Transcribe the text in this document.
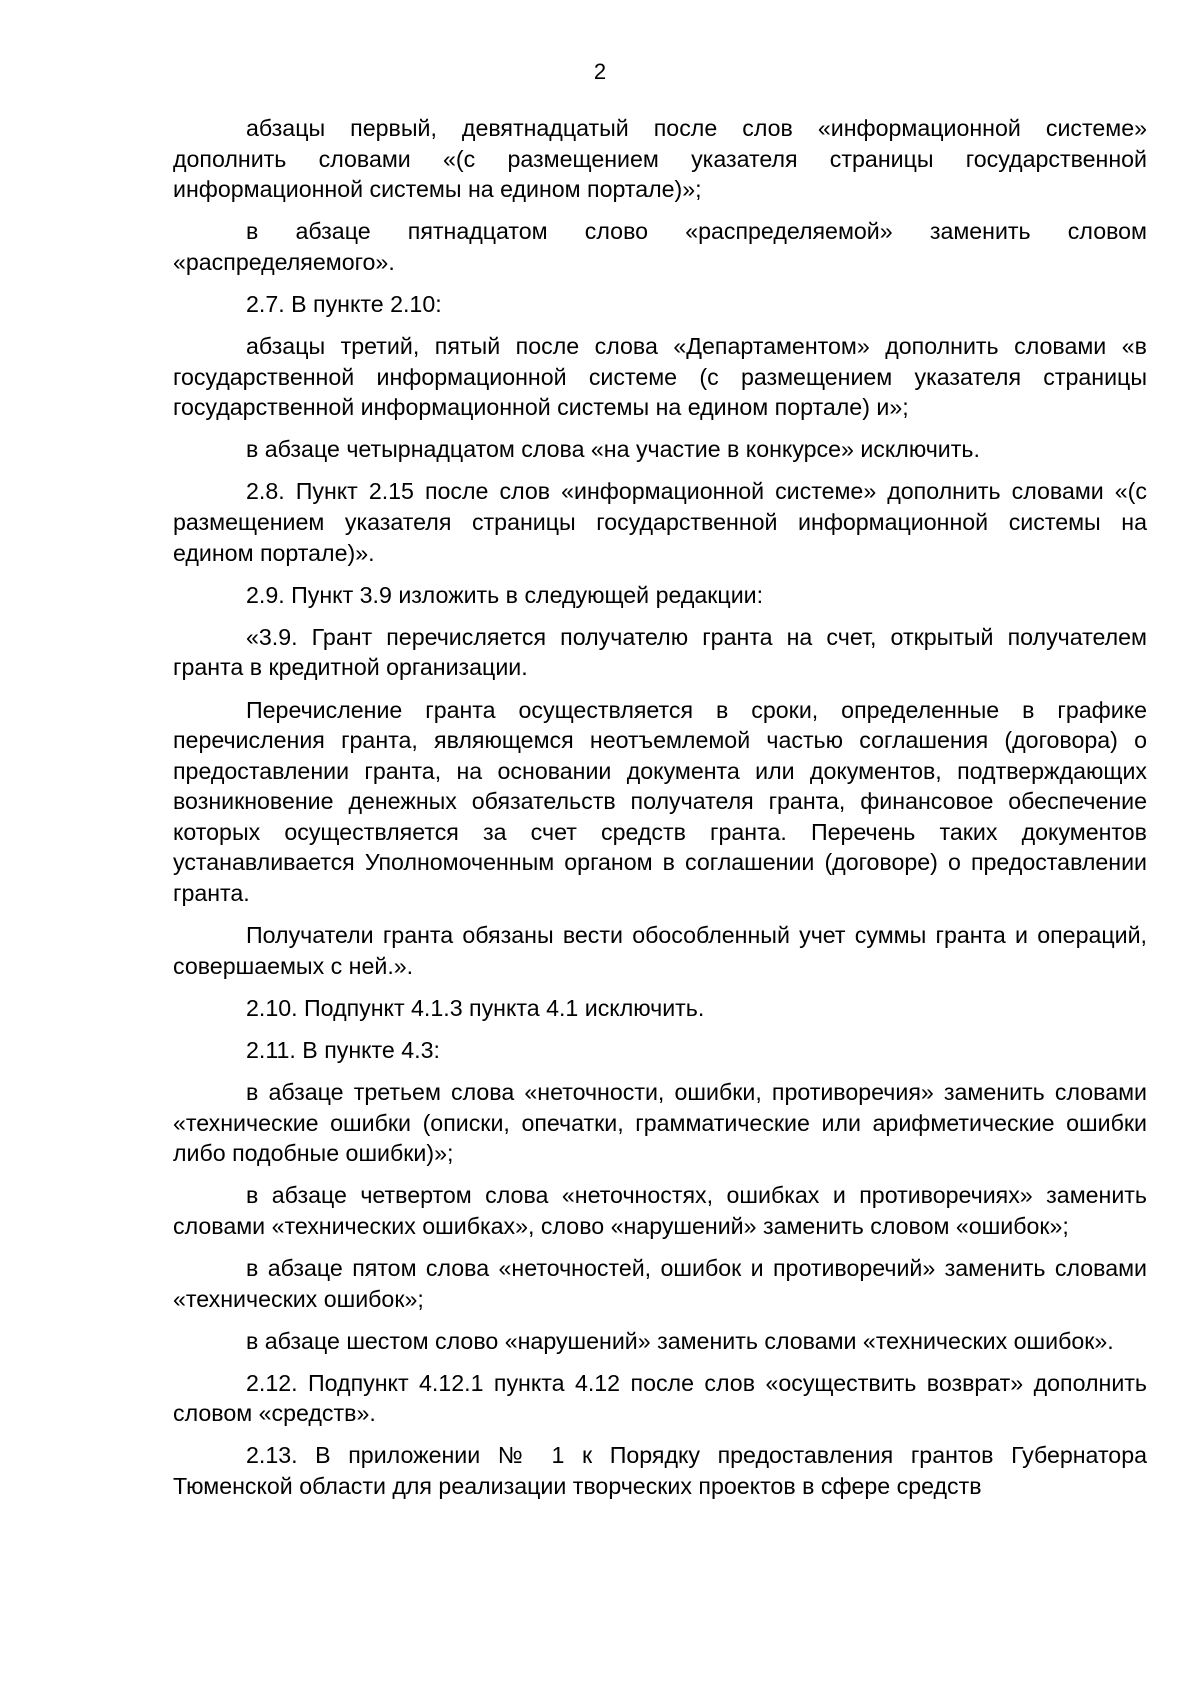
2

абзацы первый, девятнадцатый после слов «информационной системе» дополнить словами «(с размещением указателя страницы государственной информационной системы на едином портале)»;

в абзаце пятнадцатом слово «распределяемой» заменить словом «распределяемого».

2.7. В пункте 2.10:

абзацы третий, пятый после слова «Департаментом» дополнить словами «в государственной информационной системе (с размещением указателя страницы государственной информационной системы на едином портале) и»;

в абзаце четырнадцатом слова «на участие в конкурсе» исключить.

2.8. Пункт 2.15 после слов «информационной системе» дополнить словами «(с размещением указателя страницы государственной информационной системы на едином портале)».

2.9. Пункт 3.9 изложить в следующей редакции:

«3.9. Грант перечисляется получателю гранта на счет, открытый получателем гранта в кредитной организации.

Перечисление гранта осуществляется в сроки, определенные в графике перечисления гранта, являющемся неотъемлемой частью соглашения (договора) о предоставлении гранта, на основании документа или документов, подтверждающих возникновение денежных обязательств получателя гранта, финансовое обеспечение которых осуществляется за счет средств гранта. Перечень таких документов устанавливается Уполномоченным органом в соглашении (договоре) о предоставлении гранта.

Получатели гранта обязаны вести обособленный учет суммы гранта и операций, совершаемых с ней.».

2.10. Подпункт 4.1.3 пункта 4.1 исключить.

2.11. В пункте 4.3:

в абзаце третьем слова «неточности, ошибки, противоречия» заменить словами «технические ошибки (описки, опечатки, грамматические или арифметические ошибки либо подобные ошибки)»;

в абзаце четвертом слова «неточностях, ошибках и противоречиях» заменить словами «технических ошибках», слово «нарушений» заменить словом «ошибок»;

в абзаце пятом слова «неточностей, ошибок и противоречий» заменить словами «технических ошибок»;

в абзаце шестом слово «нарушений» заменить словами «технических ошибок».

2.12. Подпункт 4.12.1 пункта 4.12 после слов «осуществить возврат» дополнить словом «средств».

2.13. В приложении № 1 к Порядку предоставления грантов Губернатора Тюменской области для реализации творческих проектов в сфере средств
